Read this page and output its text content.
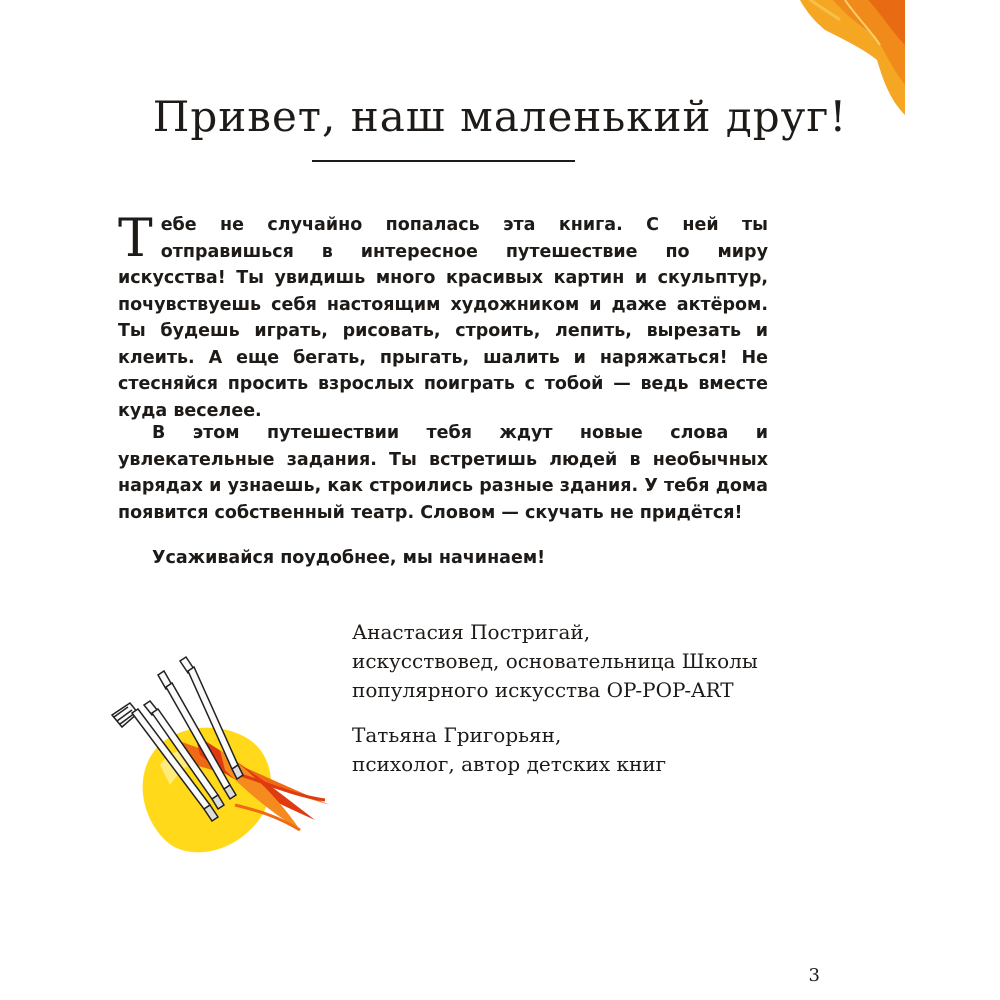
Привет, наш маленький друг!

Тебе не случайно попалась эта книга. С ней ты отправишься в интересное путешествие по миру искусства! Ты увидишь много красивых картин и скульптур, почувствуешь себя настоящим художником и даже актёром. Ты будешь играть, рисовать, строить, лепить, вырезать и клеить. А еще бегать, прыгать, шалить и наряжаться! Не стесняйся просить взрослых поиграть с тобой — ведь вместе куда веселее.

В этом путешествии тебя ждут новые слова и увлекательные задания. Ты встретишь людей в необычных нарядах и узнаешь, как строились разные здания. У тебя дома появится собственный театр. Словом — скучать не придётся!

Усаживайся поудобнее, мы начинаем!

Анастасия Постригай,
искусствовед, основательница Школы
популярного искусства OP-POP-ART
Татьяна Григорьян,
психолог, автор детских книг
3
